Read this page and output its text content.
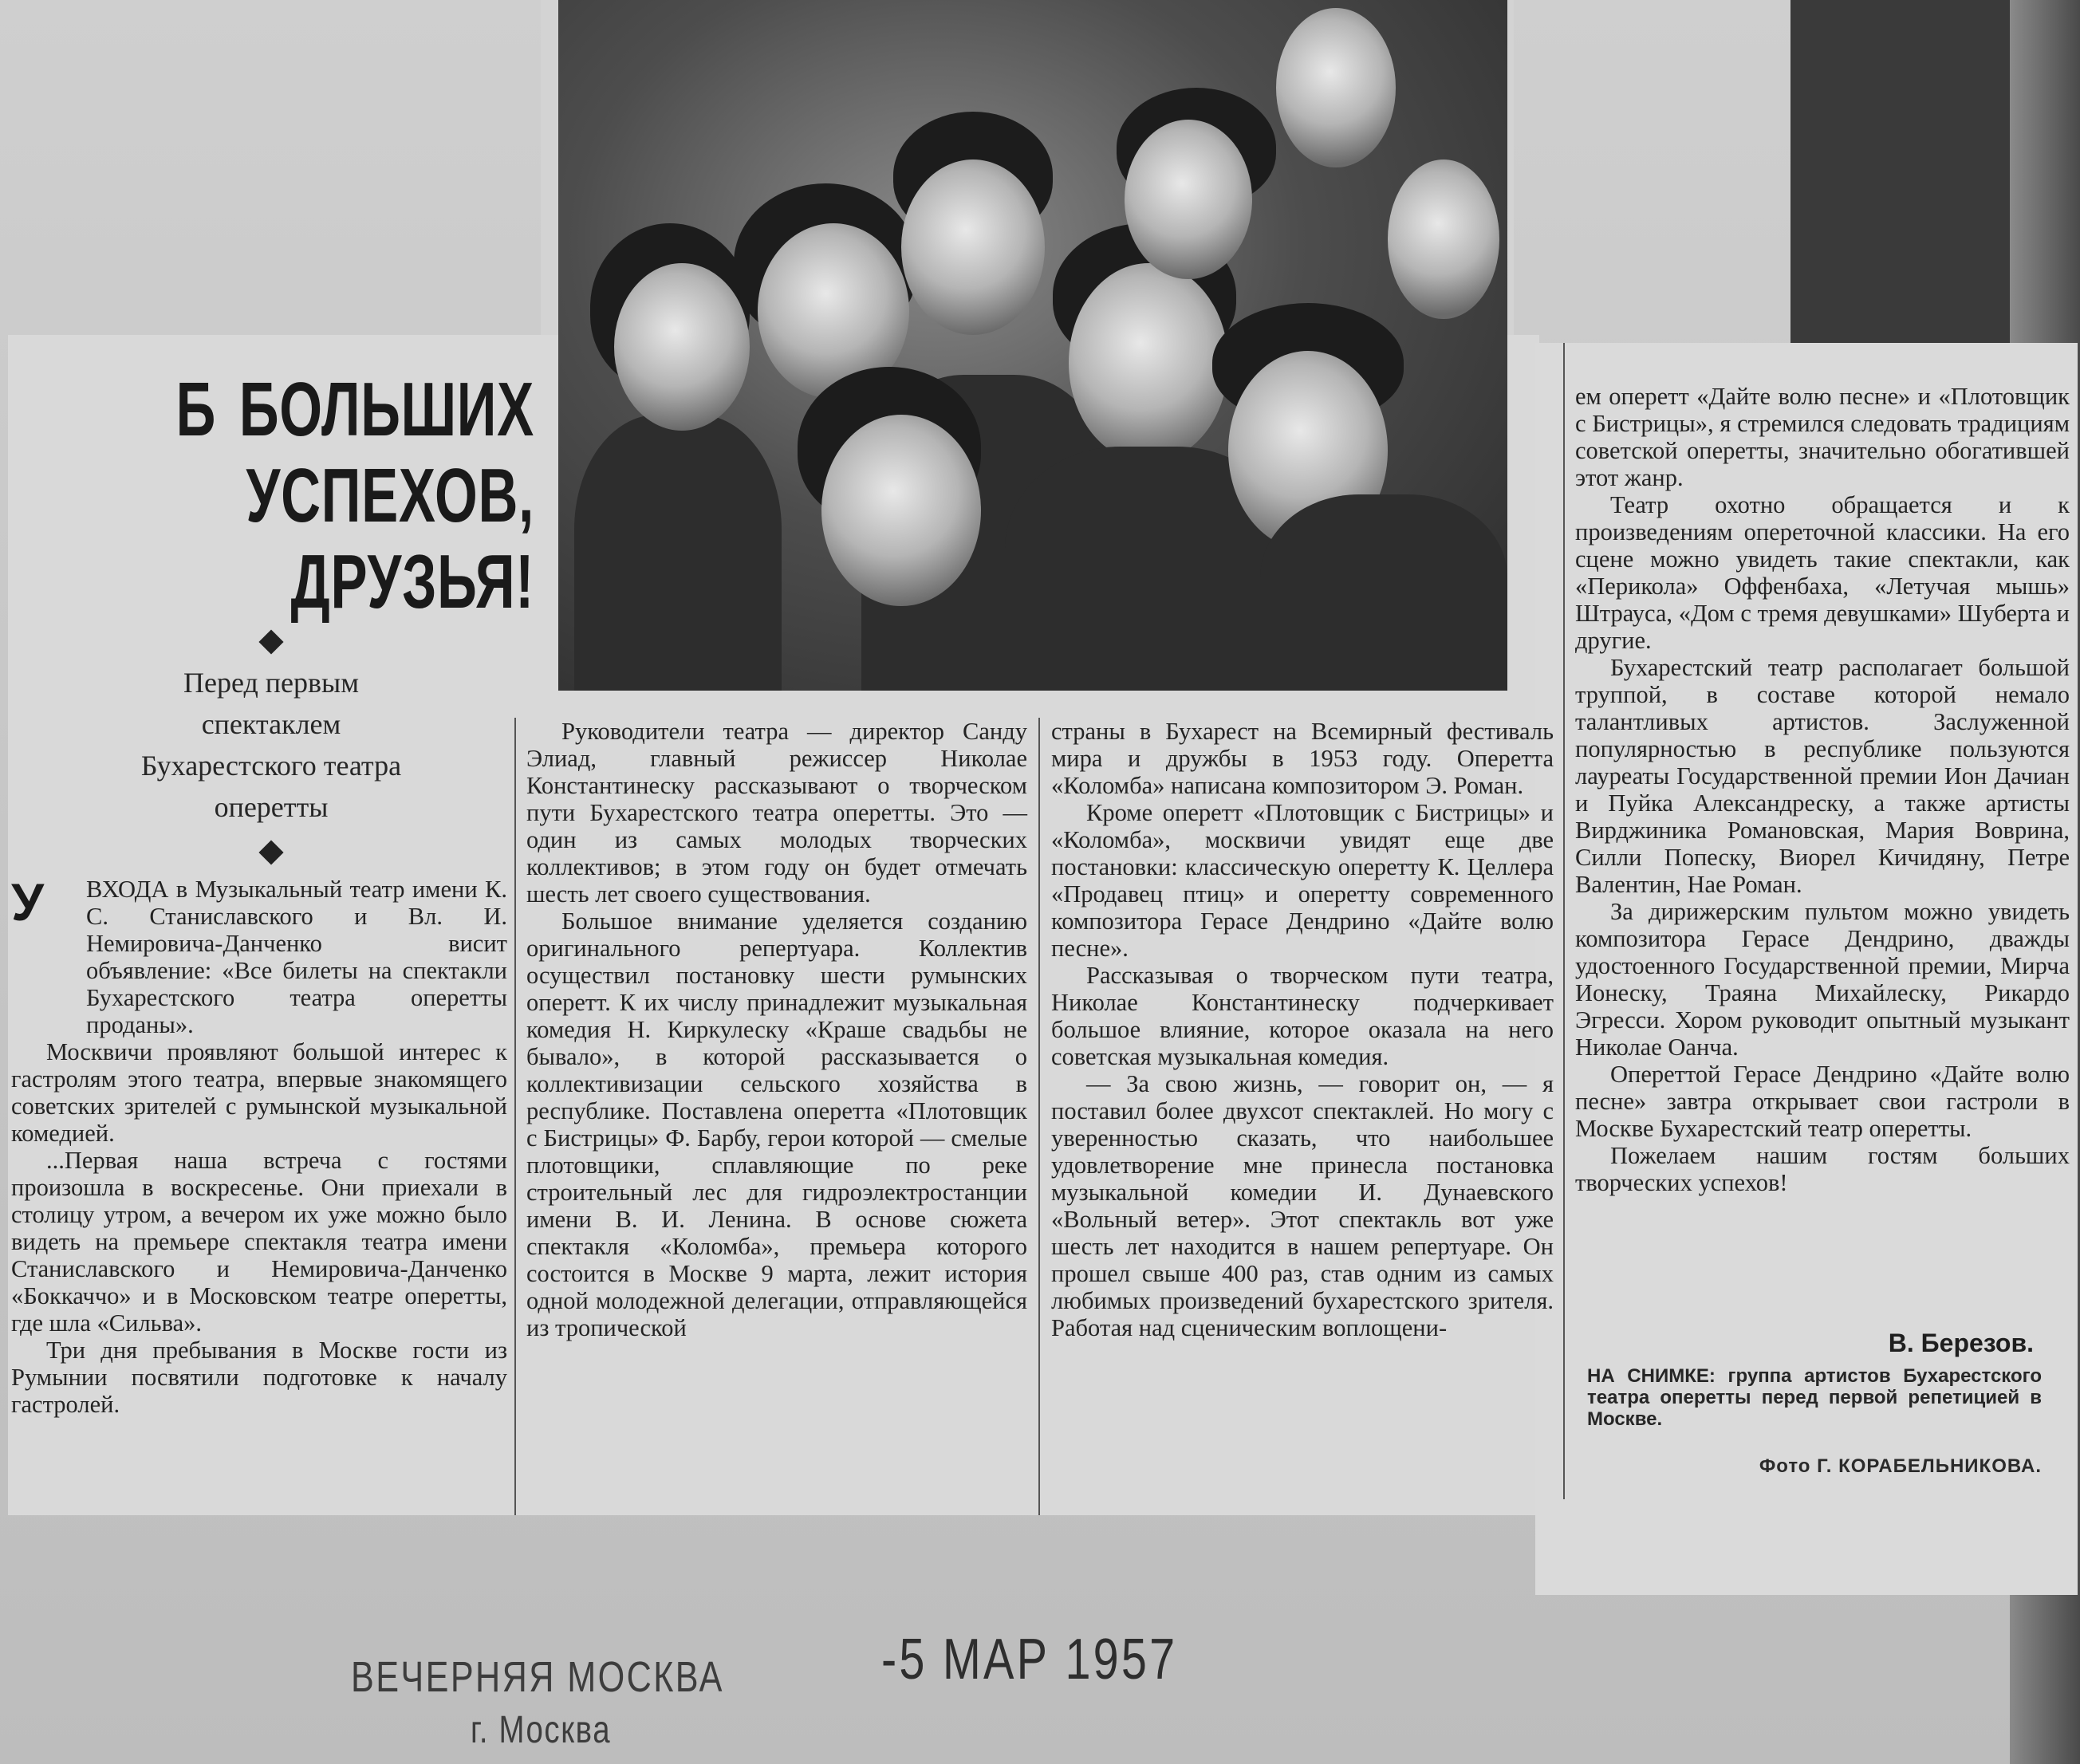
Б БОЛЬШИХ
УСПЕХОВ,
ДРУЗЬЯ!
Перед первым спектаклем Бухарестского театра оперетты
У	ВХОДА в Музыкальный театр имени К. С. Станиславского и Вл. И. Немировича-Данченко висит объявление: «Все билеты на спектакли Бухарестского театра оперетты проданы».

Москвичи проявляют большой интерес к гастролям этого театра, впервые знакомящего советских зрителей с румынской музыкальной комедией.

...Первая наша встреча с гостями произошла в воскресенье. Они приехали в столицу утром, а вечером их уже можно было видеть на премьере спектакля театра имени Станиславского и Немировича-Данченко «Боккаччо» и в Московском театре оперетты, где шла «Сильва».

Три дня пребывания в Москве гости из Румынии посвятили подготовке к началу гастролей.

Руководители театра — директор Санду Элиад, главный режиссер Николае Константинеску рассказывают о творческом пути Бухарестского театра оперетты. Это — один из самых молодых творческих коллективов; в этом году он будет отмечать шесть лет своего существования.

Большое внимание уделяется созданию оригинального репертуара. Коллектив осуществил постановку шести румынских оперетт. К их числу принадлежит музыкальная комедия Н. Киркулеску «Краше свадьбы не бывало», в которой рассказывается о коллективизации сельского хозяйства в республике. Поставлена оперетта «Плотовщик с Бистрицы» Ф. Барбу, герои которой — смелые плотовщики, сплавляющие по реке строительный лес для гидроэлектростанции имени В. И. Ленина. В основе сюжета спектакля «Коломба», премьера которого состоится в Москве 9 марта, лежит история одной молодежной делегации, отправляющейся из тропической

страны в Бухарест на Всемирный фестиваль мира и дружбы в 1953 году. Оперетта «Коломба» написана композитором Э. Роман.

Кроме оперетт «Плотовщик с Бистрицы» и «Коломба», москвичи увидят еще две постановки: классическую оперетту К. Целлера «Продавец птиц» и оперетту современного композитора Герасе Дендрино «Дайте волю песне».

Рассказывая о творческом пути театра, Николае Константинеску подчеркивает большое влияние, которое оказала на него советская музыкальная комедия.

— За свою жизнь, — говорит он, — я поставил более двухсот спектаклей. Но могу с уверенностью сказать, что наибольшее удовлетворение мне принесла постановка музыкальной комедии И. Дунаевского «Вольный ветер». Этот спектакль вот уже шесть лет находится в нашем репертуаре. Он прошел свыше 400 раз, став одним из самых любимых произведений бухарестского зрителя. Работая над сценическим воплощени-

ем оперетт «Дайте волю песне» и «Плотовщик с Бистрицы», я стремился следовать традициям советской оперетты, значительно обогатившей этот жанр.

Театр охотно обращается и к произведениям опереточной классики. На его сцене можно увидеть такие спектакли, как «Перикола» Оффенбаха, «Летучая мышь» Штрауса, «Дом с тремя девушками» Шуберта и другие.

Бухарестский театр располагает большой труппой, в составе которой немало талантливых артистов. Заслуженной популярностью в республике пользуются лауреаты Государственной премии Ион Дачиан и Пуйка Александреску, а также артисты Вирджиника Романовская, Мария Воврина, Силли Попеску, Виорел Кичидяну, Петре Валентин, Нае Роман.

За дирижерским пультом можно увидеть композитора Герасе Дендрино, дважды удостоенного Государственной премии, Мирча Ионеску, Траяна Михайлеску, Рикардо Эгресси. Хором руководит опытный музыкант Николае Оанча.

Опереттой Герасе Дендрино «Дайте волю песне» завтра открывает свои гастроли в Москве Бухарестский театр оперетты.

Пожелаем нашим гостям больших творческих успехов!

В. Березов.
НА СНИМКЕ: группа артистов Бухарестского театра оперетты перед первой репетицией в Москве.
Фото Г. КОРАБЕЛЬНИКОВА.
ВЕЧЕРНЯЯ МОСКВА
г. Москва
-5 МАР 1957
